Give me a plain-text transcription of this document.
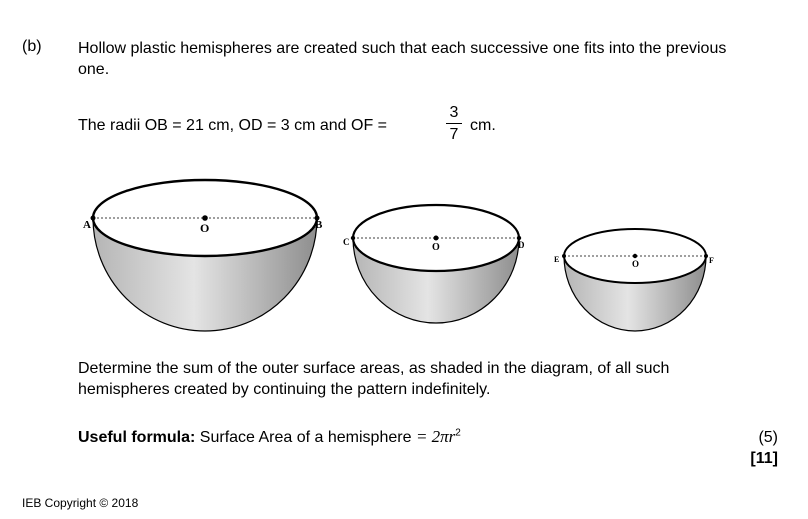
(b) Hollow plastic hemispheres are created such that each successive one fits into the previous one.
The radii OB = 21 cm, OD = 3 cm and OF =
3
7
cm.
A	B
O
C	D
O
E	F
O
Determine the sum of the outer surface areas, as shaded in the diagram, of all such hemispheres created by continuing the pattern indefinitely.
Useful formula: Surface Area of a hemisphere = $2\pi r^2$	(5)
[11]
IEB Copyright © 2018
